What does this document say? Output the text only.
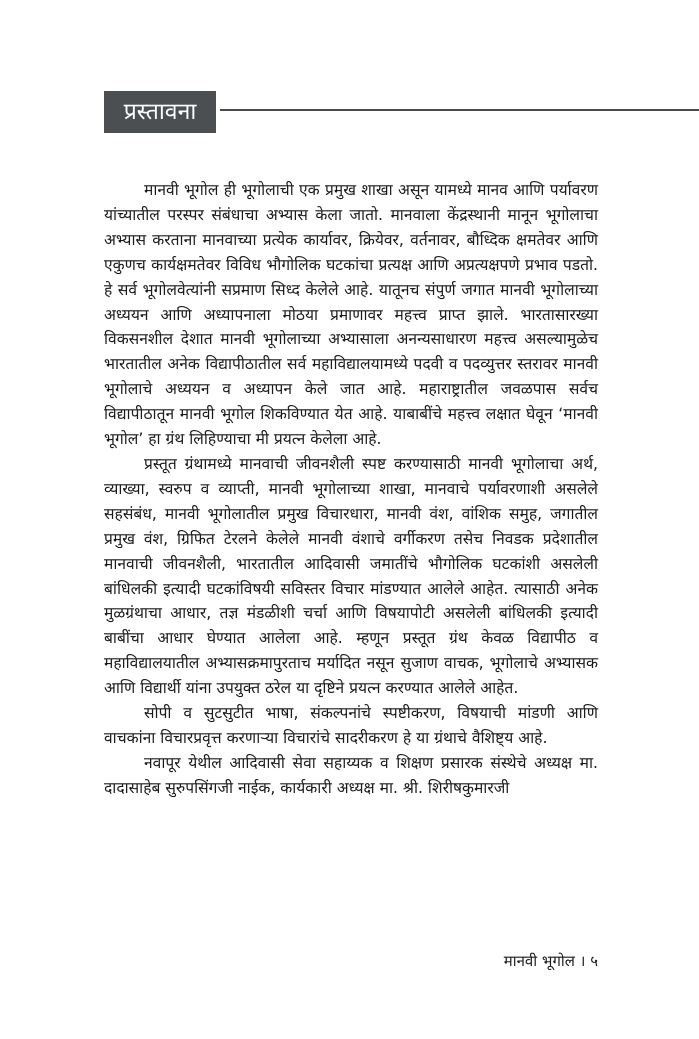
प्रस्तावना

मानवी भूगोल ही भूगोलाची एक प्रमुख शाखा असून यामध्ये मानव आणि पर्यावरण यांच्यातील परस्पर संबंधाचा अभ्यास केला जातो. मानवाला केंद्रस्थानी मानून भूगोलाचा अभ्यास करताना मानवाच्या प्रत्येक कार्यावर, क्रियेवर, वर्तनावर, बौध्दिक क्षमतेवर आणि एकुणच कार्यक्षमतेवर विविध भौगोलिक घटकांचा प्रत्यक्ष आणि अप्रत्यक्षपणे प्रभाव पडतो. हे सर्व भूगोलवेत्यांनी सप्रमाण सिध्द केलेले आहे. यातूनच संपुर्ण जगात मानवी भूगोलाच्या अध्ययन आणि अध्यापनाला मोठया प्रमाणावर महत्त्व प्राप्त झाले. भारतासारख्या विकसनशील देशात मानवी भूगोलाच्या अभ्यासाला अनन्यसाधारण महत्त्व असल्यामुळेच भारतातील अनेक विद्यापीठातील सर्व महाविद्यालयामध्ये पदवी व पदव्युत्तर स्तरावर मानवी भूगोलाचे अध्ययन व अध्यापन केले जात आहे. महाराष्ट्रातील जवळपास सर्वच विद्यापीठातून मानवी भूगोल शिकविण्यात येत आहे. याबाबींचे महत्त्व लक्षात घेवून ‘मानवी भूगोल’ हा ग्रंथ लिहिण्याचा मी प्रयत्न केलेला आहे.

प्रस्तूत ग्रंथामध्ये मानवाची जीवनशैली स्पष्ट करण्यासाठी मानवी भूगोलाचा अर्थ, व्याख्या, स्वरुप व व्याप्ती, मानवी भूगोलाच्या शाखा, मानवाचे पर्यावरणाशी असलेले सहसंबंध, मानवी भूगोलातील प्रमुख विचारधारा, मानवी वंश, वांशिक समुह, जगातील प्रमुख वंश, ग्रिफित टेरलने केलेले मानवी वंशाचे वर्गीकरण तसेच निवडक प्रदेशातील मानवाची जीवनशैली, भारतातील आदिवासी जमातींचे भौगोलिक घटकांशी असलेली बांधिलकी इत्यादी घटकांविषयी सविस्तर विचार मांडण्यात आलेले आहेत. त्यासाठी अनेक मुळग्रंथाचा आधार, तज्ञ मंडळीशी चर्चा आणि विषयापोटी असलेली बांधिलकी इत्यादी बाबींचा आधार घेण्यात आलेला आहे. म्हणून प्रस्तूत ग्रंथ केवळ विद्यापीठ व महाविद्यालयातील अभ्यासक्रमापुरताच मर्यादित नसून सुजाण वाचक, भूगोलाचे अभ्यासक आणि विद्यार्थी यांना उपयुक्त ठरेल या दृष्टिने प्रयत्न करण्यात आलेले आहेत.

सोपी व सुटसुटीत भाषा, संकल्पनांचे स्पष्टीकरण, विषयाची मांडणी आणि वाचकांना विचारप्रवृत्त करणाऱ्या विचारांचे सादरीकरण हे या ग्रंथाचे वैशिष्ट्य आहे.

नवापूर येथील आदिवासी सेवा सहाय्यक व शिक्षण प्रसारक संस्थेचे अध्यक्ष मा. दादासाहेब सुरुपसिंगजी नाईक, कार्यकारी अध्यक्ष मा. श्री. शिरीषकुमारजी

मानवी भूगोल । ५
